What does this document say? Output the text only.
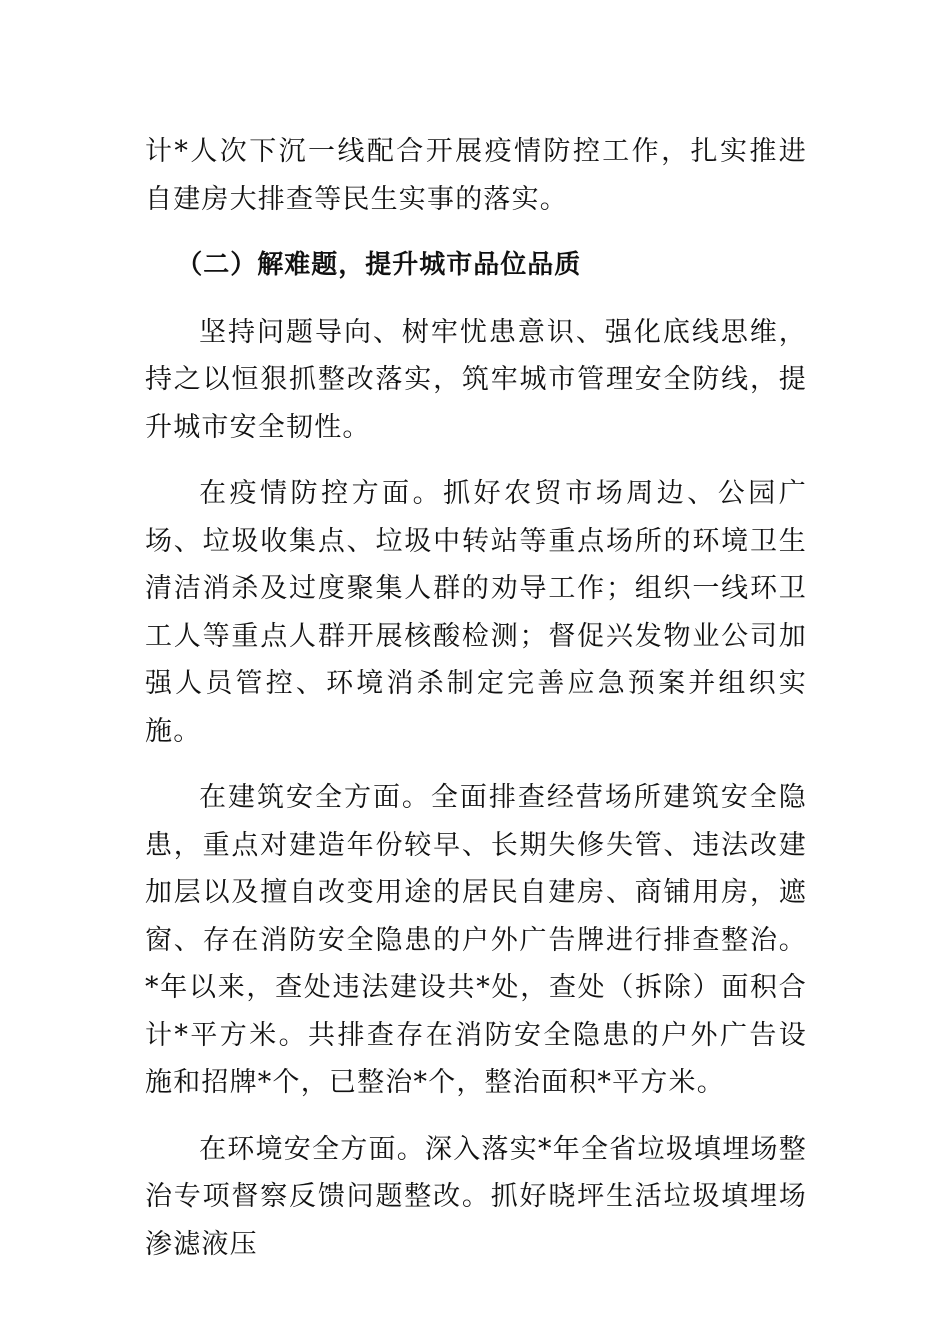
计*人次下沉一线配合开展疫情防控工作，扎实推进自建房大排查等民生实事的落实。

（二）解难题，提升城市品位品质

坚持问题导向、树牢忧患意识、强化底线思维，持之以恒狠抓整改落实，筑牢城市管理安全防线，提升城市安全韧性。

在疫情防控方面。抓好农贸市场周边、公园广场、垃圾收集点、垃圾中转站等重点场所的环境卫生清洁消杀及过度聚集人群的劝导工作；组织一线环卫工人等重点人群开展核酸检测；督促兴发物业公司加强人员管控、环境消杀制定完善应急预案并组织实施。

在建筑安全方面。全面排查经营场所建筑安全隐患，重点对建造年份较早、长期失修失管、违法改建加层以及擅自改变用途的居民自建房、商铺用房，遮窗、存在消防安全隐患的户外广告牌进行排查整治。*年以来，查处违法建设共*处，查处（拆除）面积合计*平方米。共排查存在消防安全隐患的户外广告设施和招牌*个，已整治*个，整治面积*平方米。

在环境安全方面。深入落实*年全省垃圾填埋场整治专项督察反馈问题整改。抓好晓坪生活垃圾填埋场渗滤液压
